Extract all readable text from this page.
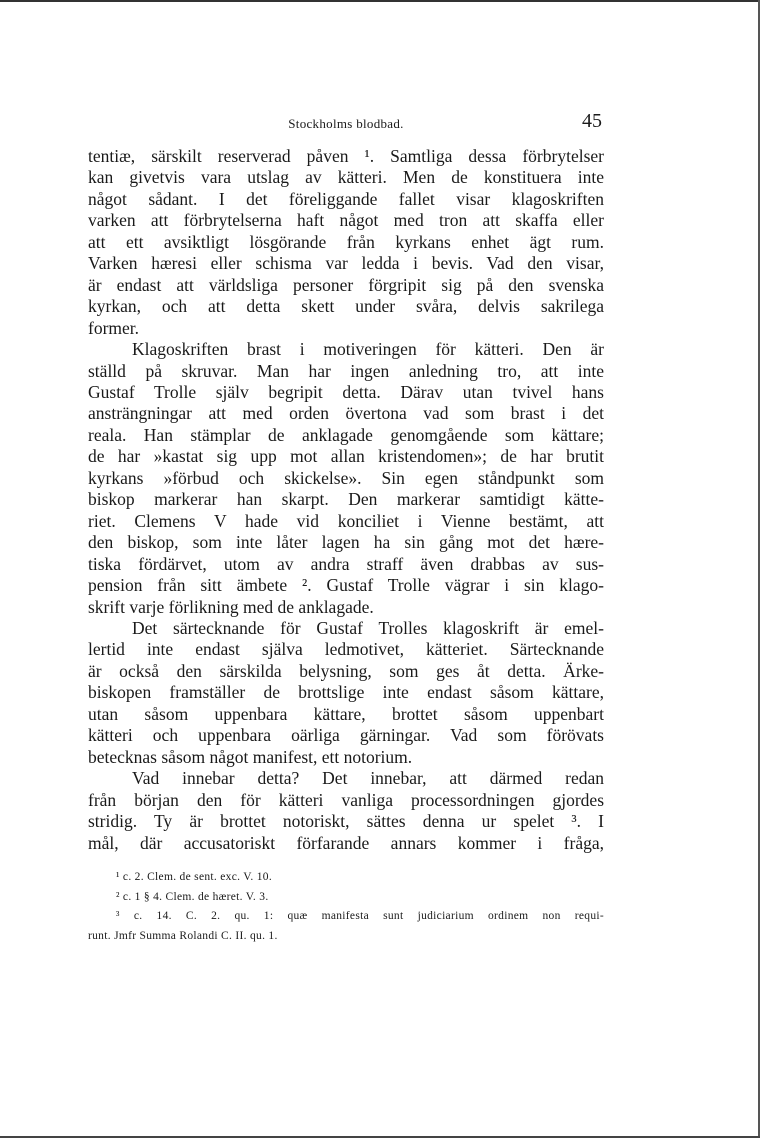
Stockholms blodbad.	45
tentiæ, särskilt reserverad påven ¹. Samtliga dessa förbrytelser
kan givetvis vara utslag av kätteri. Men de konstituera inte
något sådant. I det föreliggande fallet visar klagoskriften
varken att förbrytelserna haft något med tron att skaffa eller
att ett avsiktligt lösgörande från kyrkans enhet ägt rum.
Varken hæresi eller schisma var ledda i bevis. Vad den visar,
är endast att världsliga personer förgripit sig på den svenska
kyrkan, och att detta skett under svåra, delvis sakrilega
former.
Klagoskriften brast i motiveringen för kätteri. Den är
ställd på skruvar. Man har ingen anledning tro, att inte
Gustaf Trolle själv begripit detta. Därav utan tvivel hans
ansträngningar att med orden övertona vad som brast i det
reala. Han stämplar de anklagade genomgående som kättare;
de har »kastat sig upp mot allan kristendomen»; de har brutit
kyrkans »förbud och skickelse». Sin egen ståndpunkt som
biskop markerar han skarpt. Den markerar samtidigt kätte-
riet. Clemens V hade vid konciliet i Vienne bestämt, att
den biskop, som inte låter lagen ha sin gång mot det hære-
tiska fördärvet, utom av andra straff även drabbas av sus-
pension från sitt ämbete ². Gustaf Trolle vägrar i sin klago-
skrift varje förlikning med de anklagade.
Det särtecknande för Gustaf Trolles klagoskrift är emel-
lertid inte endast själva ledmotivet, kätteriet. Särtecknande
är också den särskilda belysning, som ges åt detta. Ärke-
biskopen framställer de brottslige inte endast såsom kättare,
utan såsom uppenbara kättare, brottet såsom uppenbart
kätteri och uppenbara oärliga gärningar. Vad som förövats
betecknas såsom något manifest, ett notorium.
Vad innebar detta? Det innebar, att därmed redan
från början den för kätteri vanliga processordningen gjordes
stridig. Ty är brottet notoriskt, sättes denna ur spelet ³. I
mål, där accusatoriskt förfarande annars kommer i fråga,
¹ c. 2. Clem. de sent. exc. V. 10.
² c. 1 § 4. Clem. de hæret. V. 3.
³ c. 14. C. 2. qu. 1: quæ manifesta sunt judiciarium ordinem non requi-
runt. Jmfr Summa Rolandi C. II. qu. 1.
